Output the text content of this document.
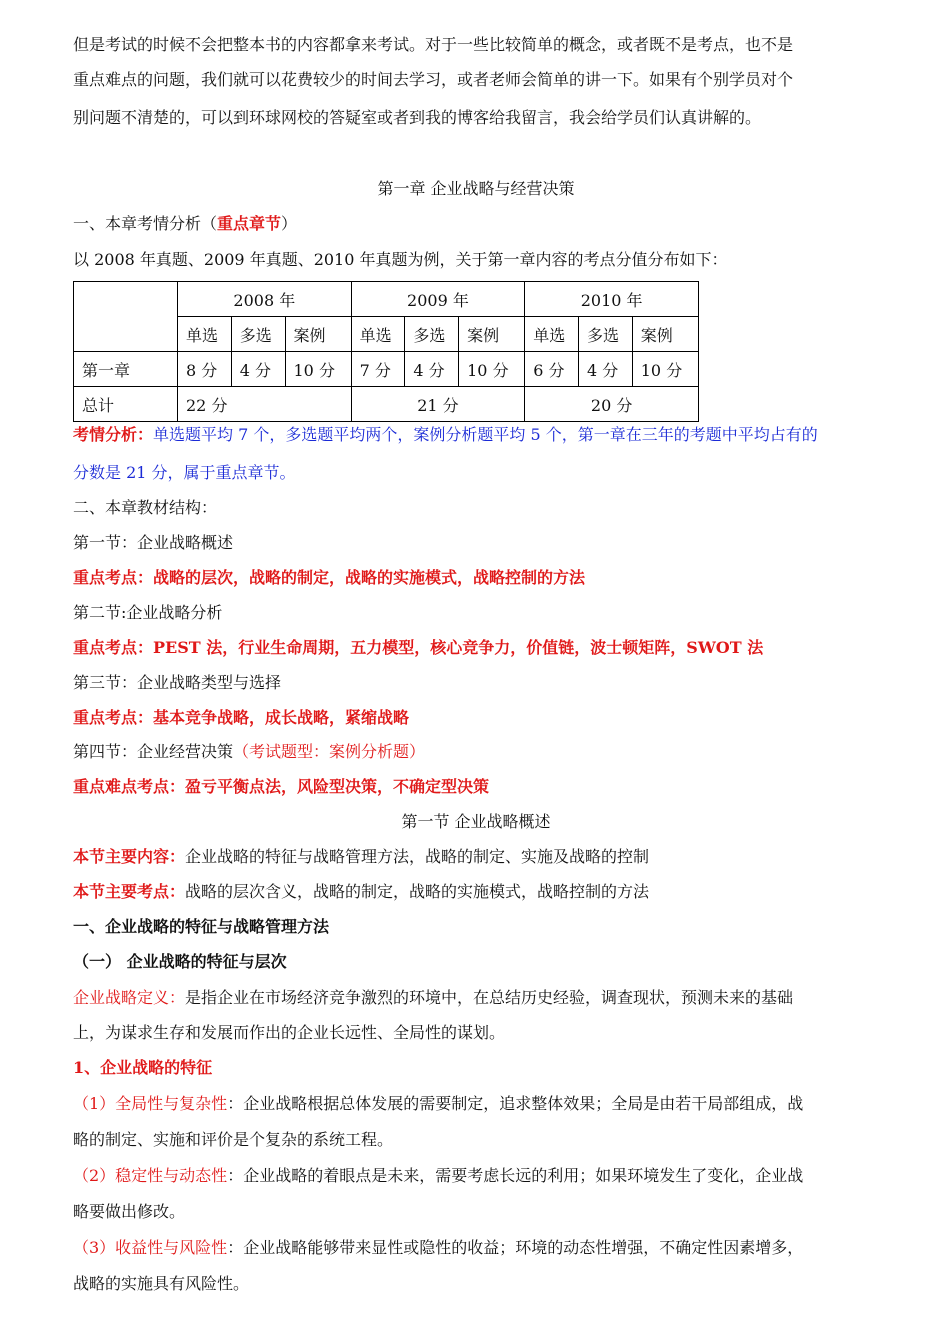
但是考试的时候不会把整本书的内容都拿来考试。对于一些比较简单的概念，或者既不是考点，也不是
重点难点的问题，我们就可以花费较少的时间去学习，或者老师会简单的讲一下。如果有个别学员对个
别问题不清楚的，可以到环球网校的答疑室或者到我的博客给我留言，我会给学员们认真讲解的。
第一章 企业战略与经营决策
一、本章考情分析（重点章节）
以 2008 年真题、2009 年真题、2010 年真题为例，关于第一章内容的考点分值分布如下：
	2008 年			2009 年			2010 年		
	单选	多选	案例	单选	多选	案例	单选	多选	案例
第一章	8 分	4 分	10 分	7 分	4 分	10 分	6 分	4 分	10 分
总计	22 分			21 分			20 分		
考情分析：单选题平均 7 个，多选题平均两个，案例分析题平均 5 个，第一章在三年的考题中平均占有的
分数是 21 分，属于重点章节。
二、本章教材结构：
第一节：企业战略概述
重点考点：战略的层次，战略的制定，战略的实施模式，战略控制的方法
第二节:企业战略分析
重点考点：PEST 法，行业生命周期，五力模型，核心竞争力，价值链，波士顿矩阵，SWOT 法
第三节：企业战略类型与选择
重点考点：基本竞争战略，成长战略，紧缩战略
第四节：企业经营决策（考试题型：案例分析题）
重点难点考点：盈亏平衡点法，风险型决策，不确定型决策
第一节 企业战略概述
本节主要内容：企业战略的特征与战略管理方法，战略的制定、实施及战略的控制
本节主要考点：战略的层次含义，战略的制定，战略的实施模式，战略控制的方法
一、企业战略的特征与战略管理方法
（一） 企业战略的特征与层次
企业战略定义：是指企业在市场经济竞争激烈的环境中，在总结历史经验，调查现状，预测未来的基础
上，为谋求生存和发展而作出的企业长远性、全局性的谋划。
1、企业战略的特征
（1）全局性与复杂性：企业战略根据总体发展的需要制定，追求整体效果；全局是由若干局部组成，战
略的制定、实施和评价是个复杂的系统工程。
（2）稳定性与动态性：企业战略的着眼点是未来，需要考虑长远的利用；如果环境发生了变化，企业战
略要做出修改。
（3）收益性与风险性：企业战略能够带来显性或隐性的收益；环境的动态性增强，不确定性因素增多，
战略的实施具有风险性。
